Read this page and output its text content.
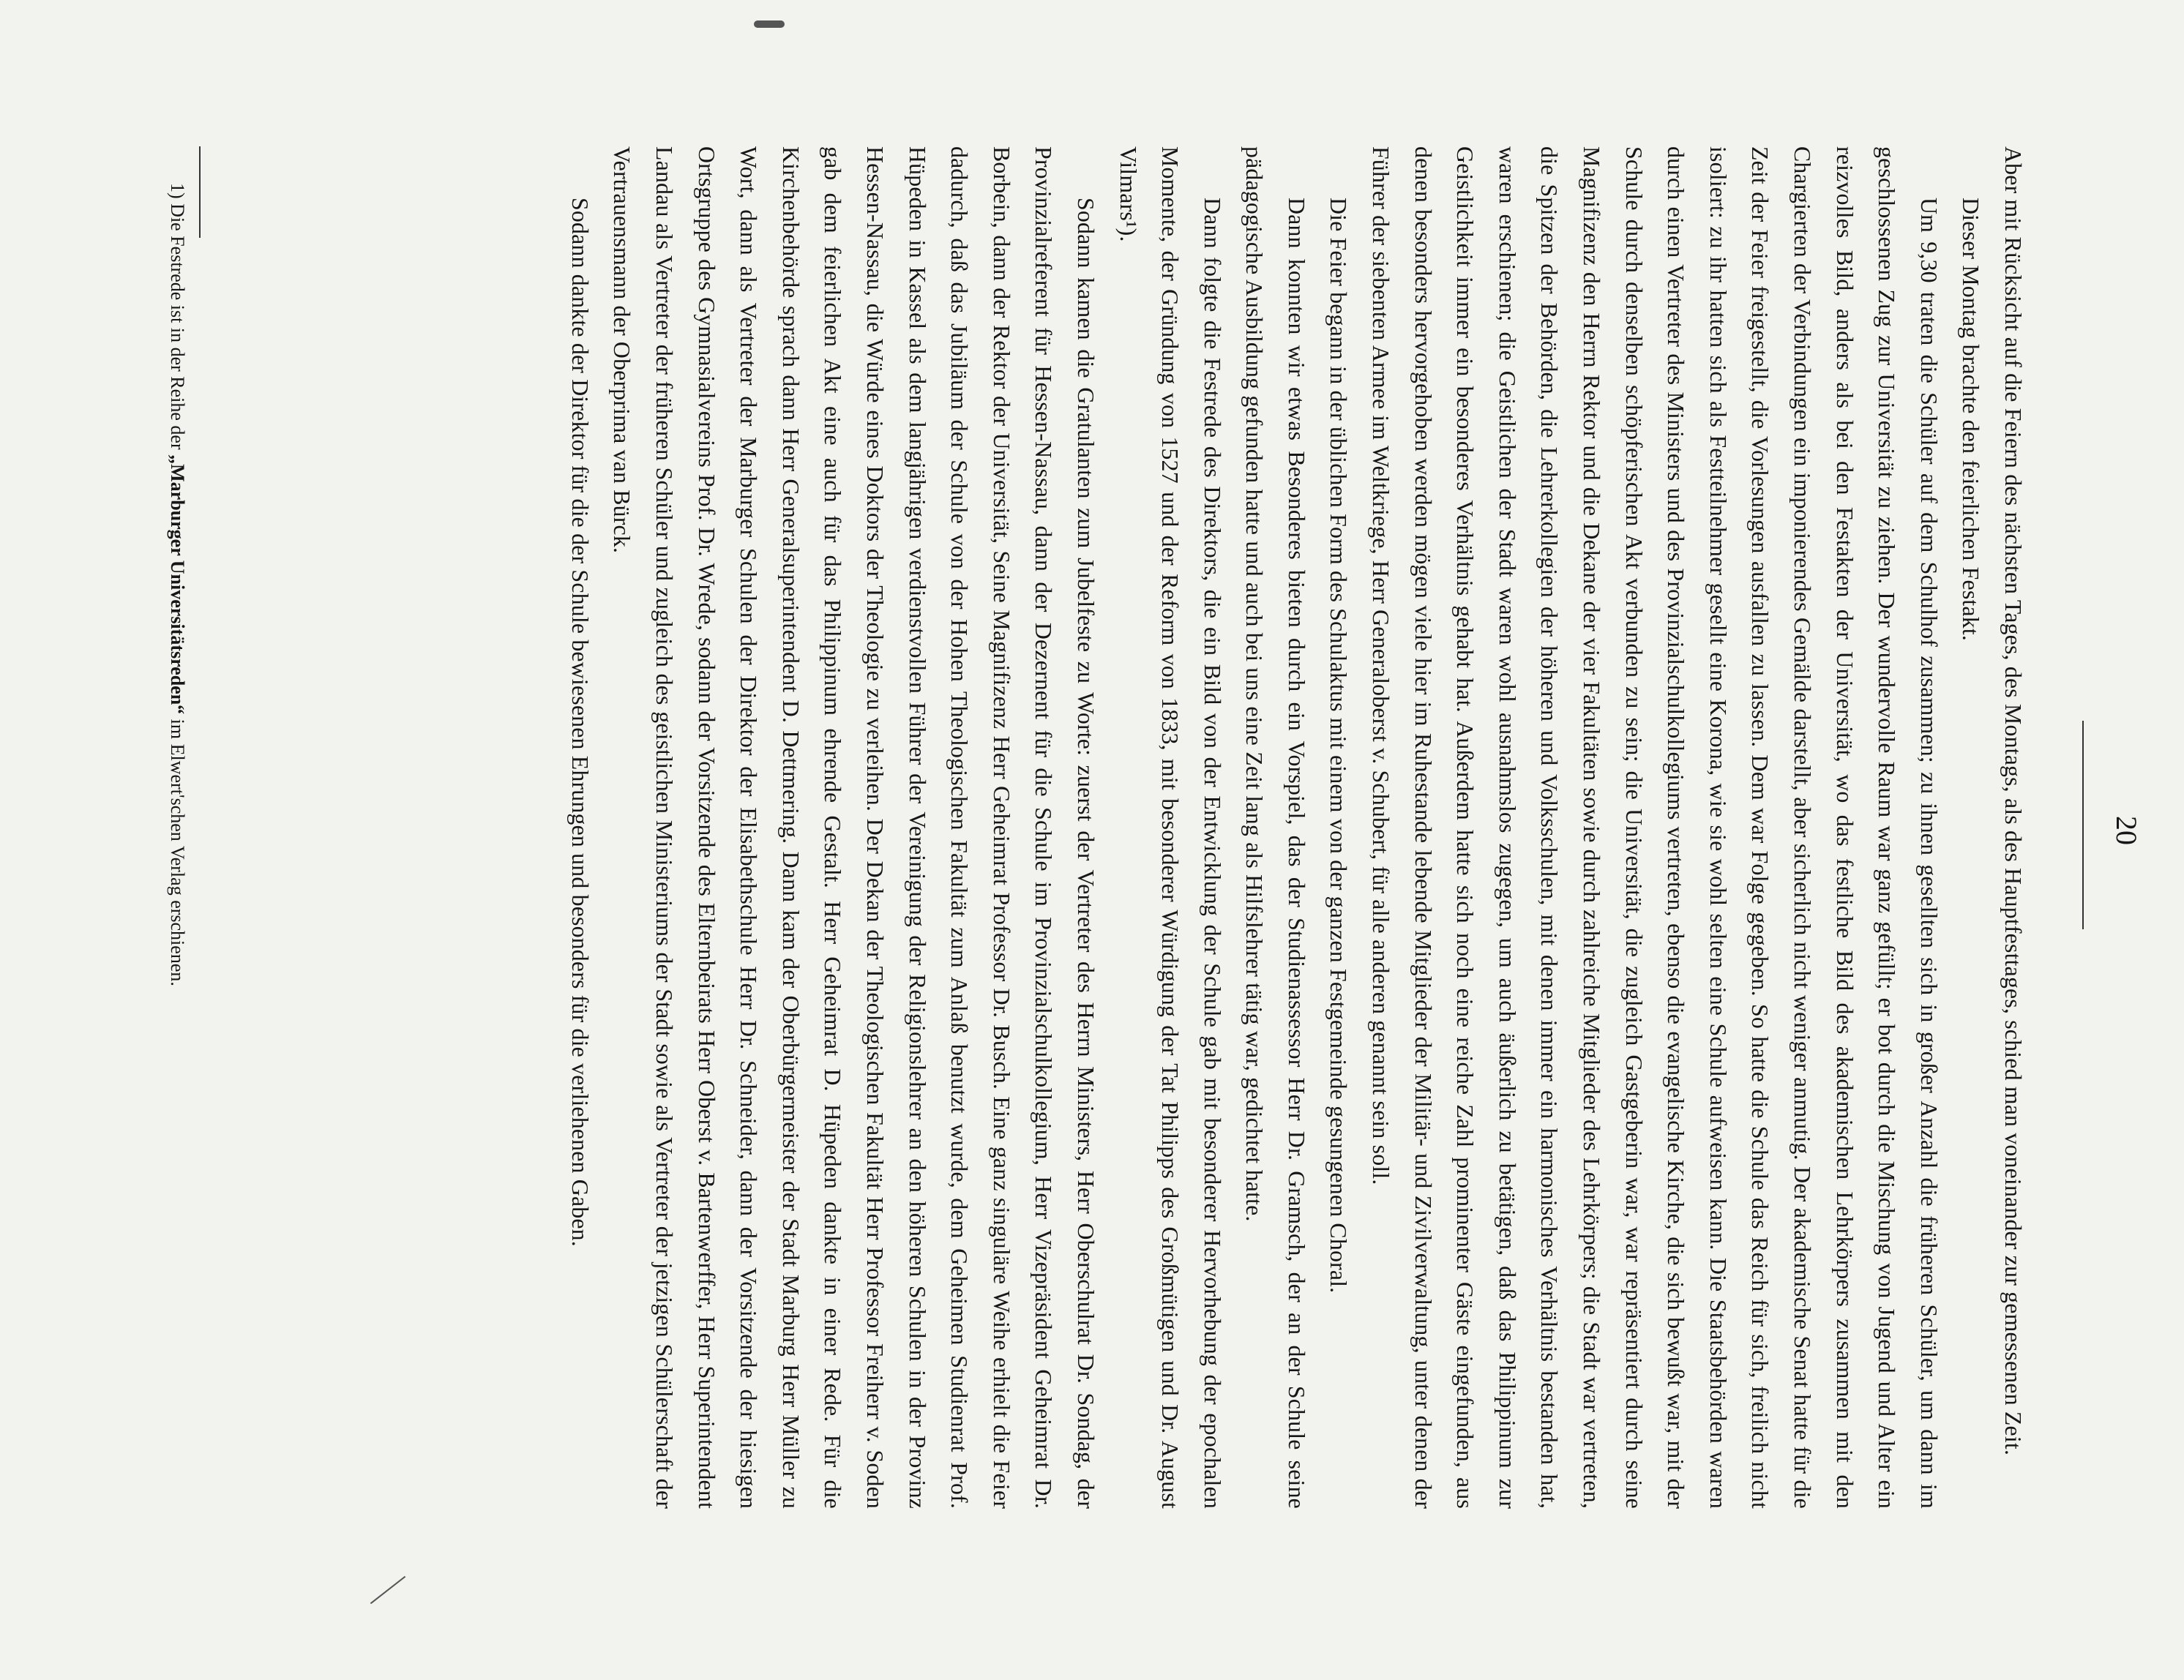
20

Aber mit Rücksicht auf die Feiern des nächsten Tages, des Montags, als des Hauptfesttages, schied man voneinander zur gemessenen Zeit.

Dieser Montag brachte den feierlichen Festakt.

Um 9,30 traten die Schüler auf dem Schulhof zusammen; zu ihnen gesellten sich in großer Anzahl die früheren Schüler, um dann im geschlossenen Zug zur Universität zu ziehen. Der wundervolle Raum war ganz gefüllt; er bot durch die Mischung von Jugend und Alter ein reizvolles Bild, anders als bei den Festakten der Universität, wo das festliche Bild des akademischen Lehrkörpers zusammen mit den Chargierten der Verbindungen ein imponierendes Gemälde darstellt, aber sicherlich nicht weniger anmutig. Der akademische Senat hatte für die Zeit der Feier freigestellt, die Vorlesungen ausfallen zu lassen. Dem war Folge gegeben. So hatte die Schule das Reich für sich, freilich nicht isoliert: zu ihr hatten sich als Festteilnehmer gesellt eine Korona, wie sie wohl selten eine Schule aufweisen kann. Die Staatsbehörden waren durch einen Vertreter des Ministers und des Provinzialschulkollegiums vertreten, ebenso die evangelische Kirche, die sich bewußt war, mit der Schule durch denselben schöpferischen Akt verbunden zu sein; die Universität, die zugleich Gastgeberin war, war repräsentiert durch seine Magnifizenz den Herrn Rektor und die Dekane der vier Fakultäten sowie durch zahlreiche Mitglieder des Lehrkörpers; die Stadt war vertreten, die Spitzen der Behörden, die Lehrerkollegien der höheren und Volksschulen, mit denen immer ein harmonisches Verhältnis bestanden hat, waren erschienen; die Geistlichen der Stadt waren wohl ausnahmslos zugegen, um auch äußerlich zu betätigen, daß das Philippinum zur Geistlichkeit immer ein besonderes Verhältnis gehabt hat. Außerdem hatte sich noch eine reiche Zahl prominenter Gäste eingefunden, aus denen besonders hervorgehoben werden mögen viele hier im Ruhestande lebende Mitglieder der Militär- und Zivilverwaltung, unter denen der Führer der siebenten Armee im Weltkriege, Herr Generaloberst v. Schubert, für alle anderen genannt sein soll.

Die Feier begann in der üblichen Form des Schulaktus mit einem von der ganzen Festgemeinde gesungenen Choral.

Dann konnten wir etwas Besonderes bieten durch ein Vorspiel, das der Studienassessor Herr Dr. Gramsch, der an der Schule seine pädagogische Ausbildung gefunden hatte und auch bei uns eine Zeit lang als Hilfslehrer tätig war, gedichtet hatte.

Dann folgte die Festrede des Direktors, die ein Bild von der Entwicklung der Schule gab mit besonderer Hervorhebung der epochalen Momente, der Gründung von 1527 und der Reform von 1833, mit besonderer Würdigung der Tat Philipps des Großmütigen und Dr. August Vilmars¹).

Sodann kamen die Gratulanten zum Jubelfeste zu Worte: zuerst der Vertreter des Herrn Ministers, Herr Oberschulrat Dr. Sondag, der Provinzialreferent für Hessen-Nassau, dann der Dezernent für die Schule im Provinzialschulkollegium, Herr Vizepräsident Geheimrat Dr. Borbein, dann der Rektor der Universität, Seine Magnifizenz Herr Geheimrat Professor Dr. Busch. Eine ganz singuläre Weihe erhielt die Feier dadurch, daß das Jubiläum der Schule von der Hohen Theologischen Fakultät zum Anlaß benutzt wurde, dem Geheimen Studienrat Prof. Hüpeden in Kassel als dem langjährigen verdienstvollen Führer der Vereinigung der Religionslehrer an den höheren Schulen in der Provinz Hessen-Nassau, die Würde eines Doktors der Theologie zu verleihen. Der Dekan der Theologischen Fakultät Herr Professor Freiherr v. Soden gab dem feierlichen Akt eine auch für das Philippinum ehrende Gestalt. Herr Geheimrat D. Hüpeden dankte in einer Rede. Für die Kirchenbehörde sprach dann Herr Generalsuperintendent D. Dettmering. Dann kam der Oberbürgermeister der Stadt Marburg Herr Müller zu Wort, dann als Vertreter der Marburger Schulen der Direktor der Elisabethschule Herr Dr. Schneider, dann der Vorsitzende der hiesigen Ortsgruppe des Gymnasialvereins Prof. Dr. Wrede, sodann der Vorsitzende des Elternbeirats Herr Oberst v. Bartenwerffer, Herr Superintendent Landau als Vertreter der früheren Schüler und zugleich des geistlichen Ministeriums der Stadt sowie als Vertreter der jetzigen Schülerschaft der Vertrauensmann der Oberprima van Bürck.

Sodann dankte der Direktor für die der Schule bewiesenen Ehrungen und besonders für die verliehenen Gaben.

1) Die Festrede ist in der Reihe der „Marburger Universitätsreden“ im Elwert'schen Verlag erschienen.
